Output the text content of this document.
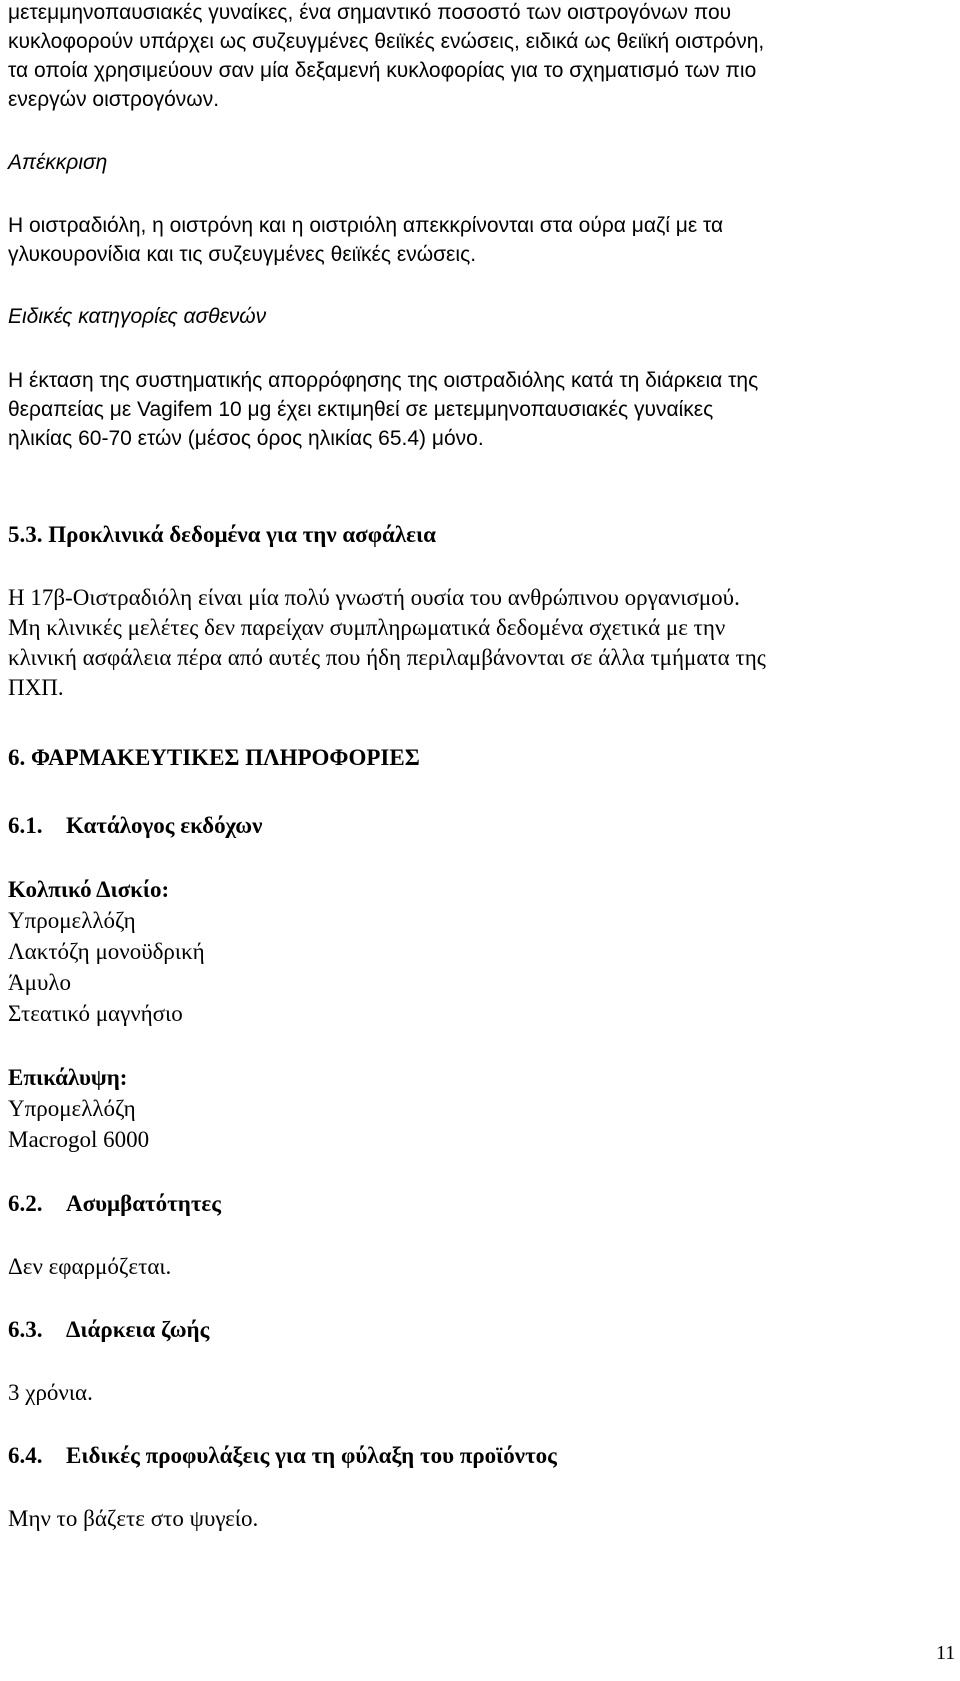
μετεμμηνοπαυσιακές γυναίκες, ένα σημαντικό ποσοστό των οιστρογόνων που
κυκλοφορούν υπάρχει ως συζευγμένες θειϊκές ενώσεις, ειδικά ως θειϊκή οιστρόνη,
τα οποία χρησιμεύουν σαν μία δεξαμενή κυκλοφορίας για το σχηματισμό των πιο
ενεργών οιστρογόνων.
Απέκκριση
Η οιστραδιόλη, η οιστρόνη και η οιστριόλη απεκκρίνονται στα ούρα μαζί με τα
γλυκουρονίδια και τις συζευγμένες θειϊκές ενώσεις.
Ειδικές κατηγορίες ασθενών
Η έκταση της συστηματικής απορρόφησης της οιστραδιόλης κατά τη διάρκεια της
θεραπείας με Vagifem 10 μg έχει εκτιμηθεί σε μετεμμηνοπαυσιακές γυναίκες
ηλικίας 60-70 ετών (μέσος όρος ηλικίας 65.4) μόνο.
5.3. Προκλινικά δεδομένα για την ασφάλεια
Η 17β-Οιστραδιόλη είναι μία πολύ γνωστή ουσία του ανθρώπινου οργανισμού.
Μη κλινικές μελέτες δεν παρείχαν συμπληρωματικά δεδομένα σχετικά με την
κλινική ασφάλεια πέρα από αυτές που ήδη περιλαμβάνονται σε άλλα τμήματα της
ΠΧΠ.
6. ΦΑΡΜΑΚΕΥΤΙΚΕΣ ΠΛΗΡΟΦΟΡΙΕΣ
6.1. Κατάλογος εκδόχων
Κολπικό Δισκίο:
Υπρομελλόζη
Λακτόζη μονοϋδρική
Άμυλο
Στεατικό μαγνήσιο
Επικάλυψη:
Υπρομελλόζη
Macrogol 6000
6.2. Ασυμβατότητες
Δεν εφαρμόζεται.
6.3. Διάρκεια ζωής
3 χρόνια.
6.4. Ειδικές προφυλάξεις για τη φύλαξη του προϊόντος
Μην το βάζετε στο ψυγείο.
11
